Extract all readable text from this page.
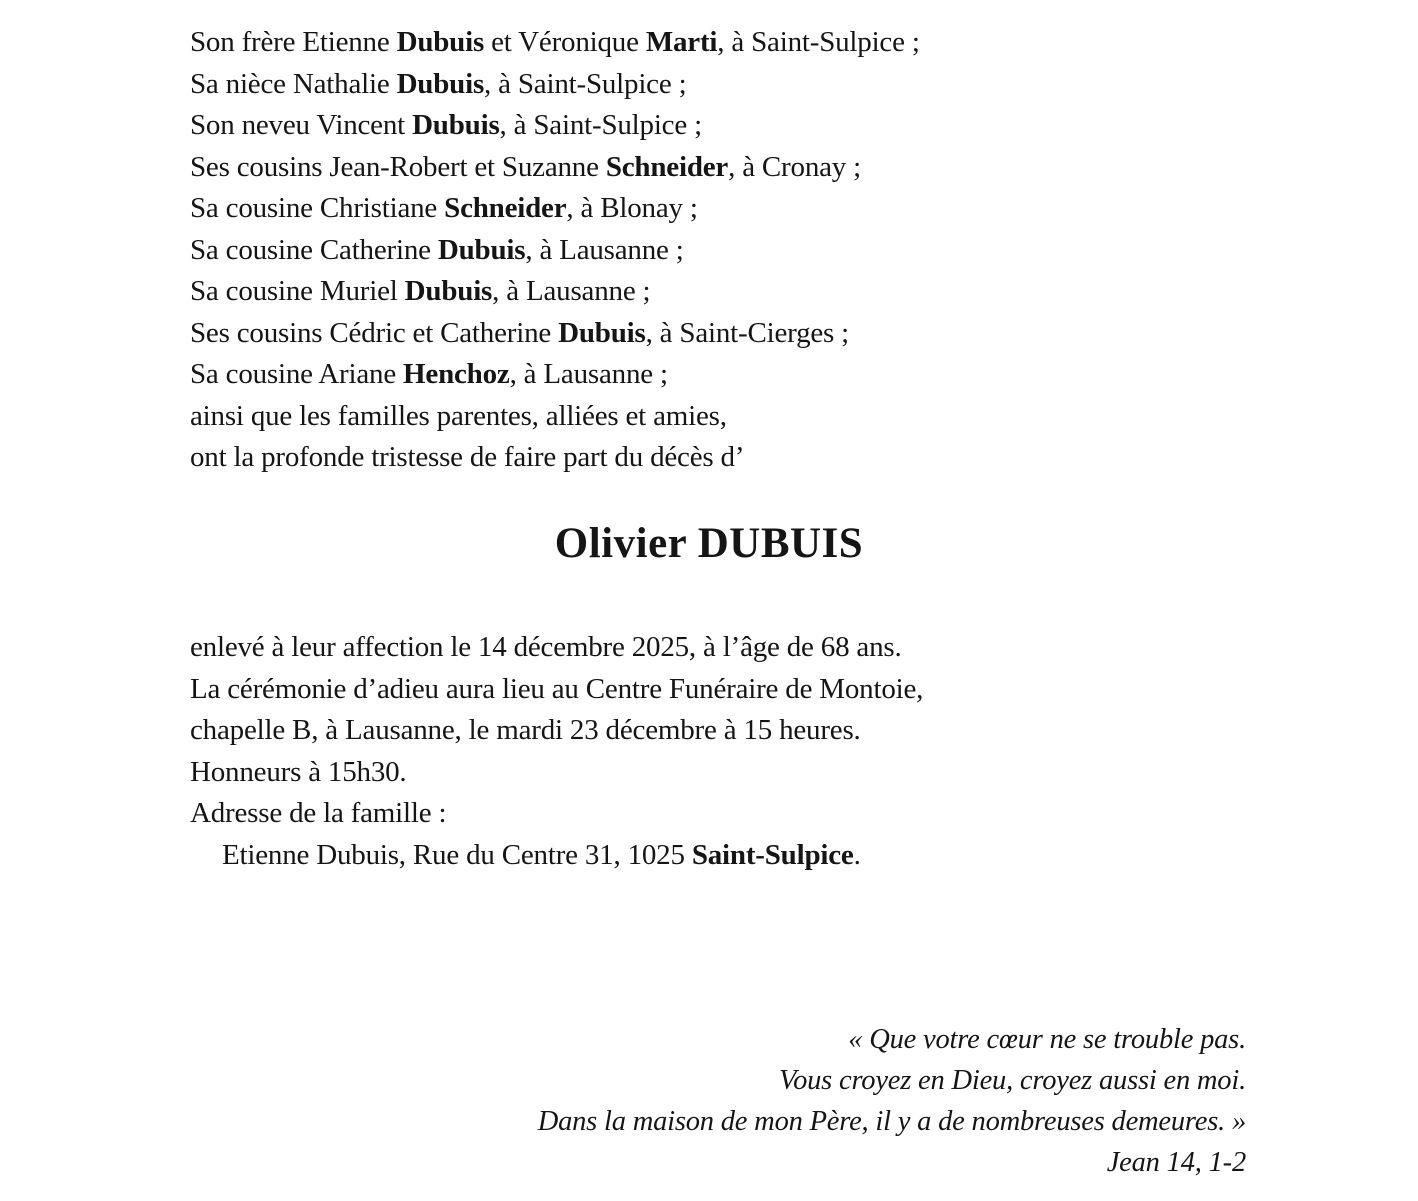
Son frère Etienne Dubuis et Véronique Marti, à Saint-Sulpice ;
Sa nièce Nathalie Dubuis, à Saint-Sulpice ;
Son neveu Vincent Dubuis, à Saint-Sulpice ;
Ses cousins Jean-Robert et Suzanne Schneider, à Cronay ;
Sa cousine Christiane Schneider, à Blonay ;
Sa cousine Catherine Dubuis, à Lausanne ;
Sa cousine Muriel Dubuis, à Lausanne ;
Ses cousins Cédric et Catherine Dubuis, à Saint-Cierges ;
Sa cousine Ariane Henchoz, à Lausanne ;
ainsi que les familles parentes, alliées et amies,
ont la profonde tristesse de faire part du décès d’
Olivier DUBUIS
enlevé à leur affection le 14 décembre 2025, à l’âge de 68 ans.
La cérémonie d’adieu aura lieu au Centre Funéraire de Montoie,
chapelle B, à Lausanne, le mardi 23 décembre à 15 heures.
Honneurs à 15h30.
Adresse de la famille :
Etienne Dubuis, Rue du Centre 31, 1025 Saint-Sulpice.
« Que votre cœur ne se trouble pas.
Vous croyez en Dieu, croyez aussi en moi.
Dans la maison de mon Père, il y a de nombreuses demeures. »
Jean 14, 1-2
